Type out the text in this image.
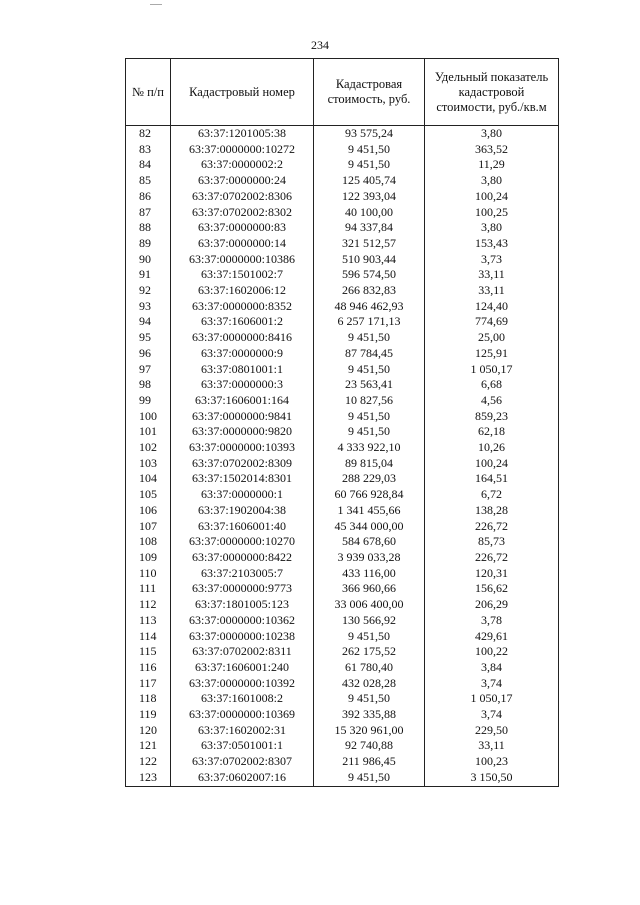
234
№ п/п	Кадастровый номер	Кадастровая стоимость, руб.	Удельный показатель кадастровой стоимости, руб./кв.м
82	63:37:1201005:38	93 575,24	3,80
83	63:37:0000000:10272	9 451,50	363,52
84	63:37:0000002:2	9 451,50	11,29
85	63:37:0000000:24	125 405,74	3,80
86	63:37:0702002:8306	122 393,04	100,24
87	63:37:0702002:8302	40 100,00	100,25
88	63:37:0000000:83	94 337,84	3,80
89	63:37:0000000:14	321 512,57	153,43
90	63:37:0000000:10386	510 903,44	3,73
91	63:37:1501002:7	596 574,50	33,11
92	63:37:1602006:12	266 832,83	33,11
93	63:37:0000000:8352	48 946 462,93	124,40
94	63:37:1606001:2	6 257 171,13	774,69
95	63:37:0000000:8416	9 451,50	25,00
96	63:37:0000000:9	87 784,45	125,91
97	63:37:0801001:1	9 451,50	1 050,17
98	63:37:0000000:3	23 563,41	6,68
99	63:37:1606001:164	10 827,56	4,56
100	63:37:0000000:9841	9 451,50	859,23
101	63:37:0000000:9820	9 451,50	62,18
102	63:37:0000000:10393	4 333 922,10	10,26
103	63:37:0702002:8309	89 815,04	100,24
104	63:37:1502014:8301	288 229,03	164,51
105	63:37:0000000:1	60 766 928,84	6,72
106	63:37:1902004:38	1 341 455,66	138,28
107	63:37:1606001:40	45 344 000,00	226,72
108	63:37:0000000:10270	584 678,60	85,73
109	63:37:0000000:8422	3 939 033,28	226,72
110	63:37:2103005:7	433 116,00	120,31
111	63:37:0000000:9773	366 960,66	156,62
112	63:37:1801005:123	33 006 400,00	206,29
113	63:37:0000000:10362	130 566,92	3,78
114	63:37:0000000:10238	9 451,50	429,61
115	63:37:0702002:8311	262 175,52	100,22
116	63:37:1606001:240	61 780,40	3,84
117	63:37:0000000:10392	432 028,28	3,74
118	63:37:1601008:2	9 451,50	1 050,17
119	63:37:0000000:10369	392 335,88	3,74
120	63:37:1602002:31	15 320 961,00	229,50
121	63:37:0501001:1	92 740,88	33,11
122	63:37:0702002:8307	211 986,45	100,23
123	63:37:0602007:16	9 451,50	3 150,50
